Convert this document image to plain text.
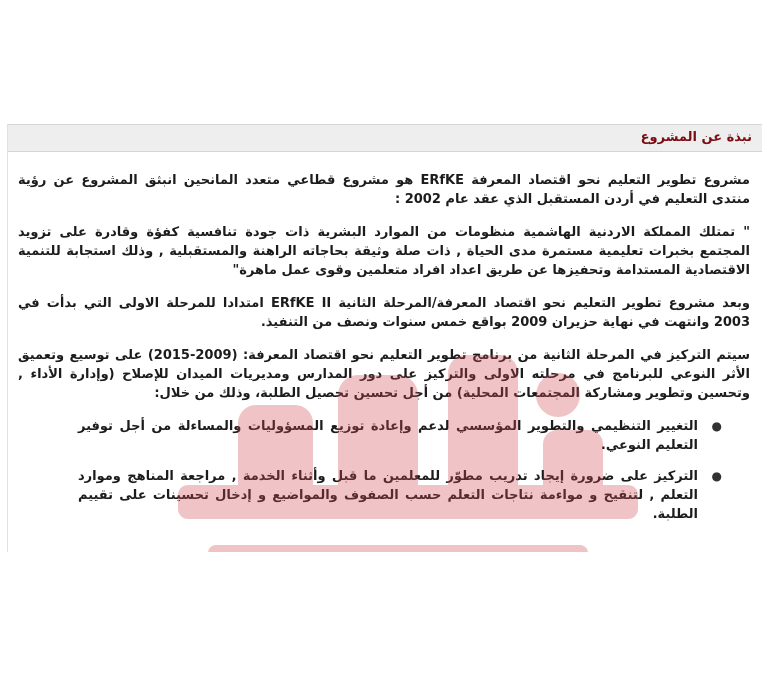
نبذة عن المشروع

مشروع تطوير التعليم نحو اقتصاد المعرفة ERfKE هو مشروع قطاعي متعدد المانحين انبثق المشروع عن رؤية منتدى التعليم في أردن المستقبل الذي عقد عام 2002 :

" تمتلك المملكة الاردنية الهاشمية منظومات من الموارد البشرية ذات جودة تنافسية كفؤة وقادرة على تزويد المجتمع بخبرات تعليمية مستمرة مدى الحياة , ذات صلة وثيقة بحاجاته الراهنة والمستقبلية , وذلك استجابة للتنمية الاقتصادية المستدامة وتحفيزها عن طريق اعداد افراد متعلمين وقوى عمل ماهرة"

وبعد مشروع تطوير التعليم نحو اقتصاد المعرفة/المرحلة الثانية ERfKE II امتدادا للمرحلة الاولى التي بدأت في 2003 وانتهت في نهاية حزيران 2009 بواقع خمس سنوات ونصف من التنفيذ.

سيتم التركيز في المرحلة الثانية من برنامج تطوير التعليم نحو اقتصاد المعرفة: (2009-2015) على توسيع وتعميق الأثر النوعي للبرنامج في مرحلته الاولى والتركيز على دور المدارس ومديريات الميدان للإصلاح (وإدارة الأداء , وتحسين وتطوير ومشاركة المجتمعات المحلية) من أجل تحسين تحصيل الطلبة، وذلك من خلال:

●
التغيير التنظيمي والتطوير المؤسسي لدعم وإعادة توزيع المسؤوليات والمساءلة من أجل توفير التعليم النوعي.
●
التركيز على ضرورة إيجاد تدريب مطوّر للمعلمين ما قبل وأثناء الخدمة , مراجعة المناهج وموارد التعلم , لتنقيح و مواءمة نتاجات التعلم حسب الصفوف والمواضيع و إدخال تحسينات على تقييم الطلبة.
